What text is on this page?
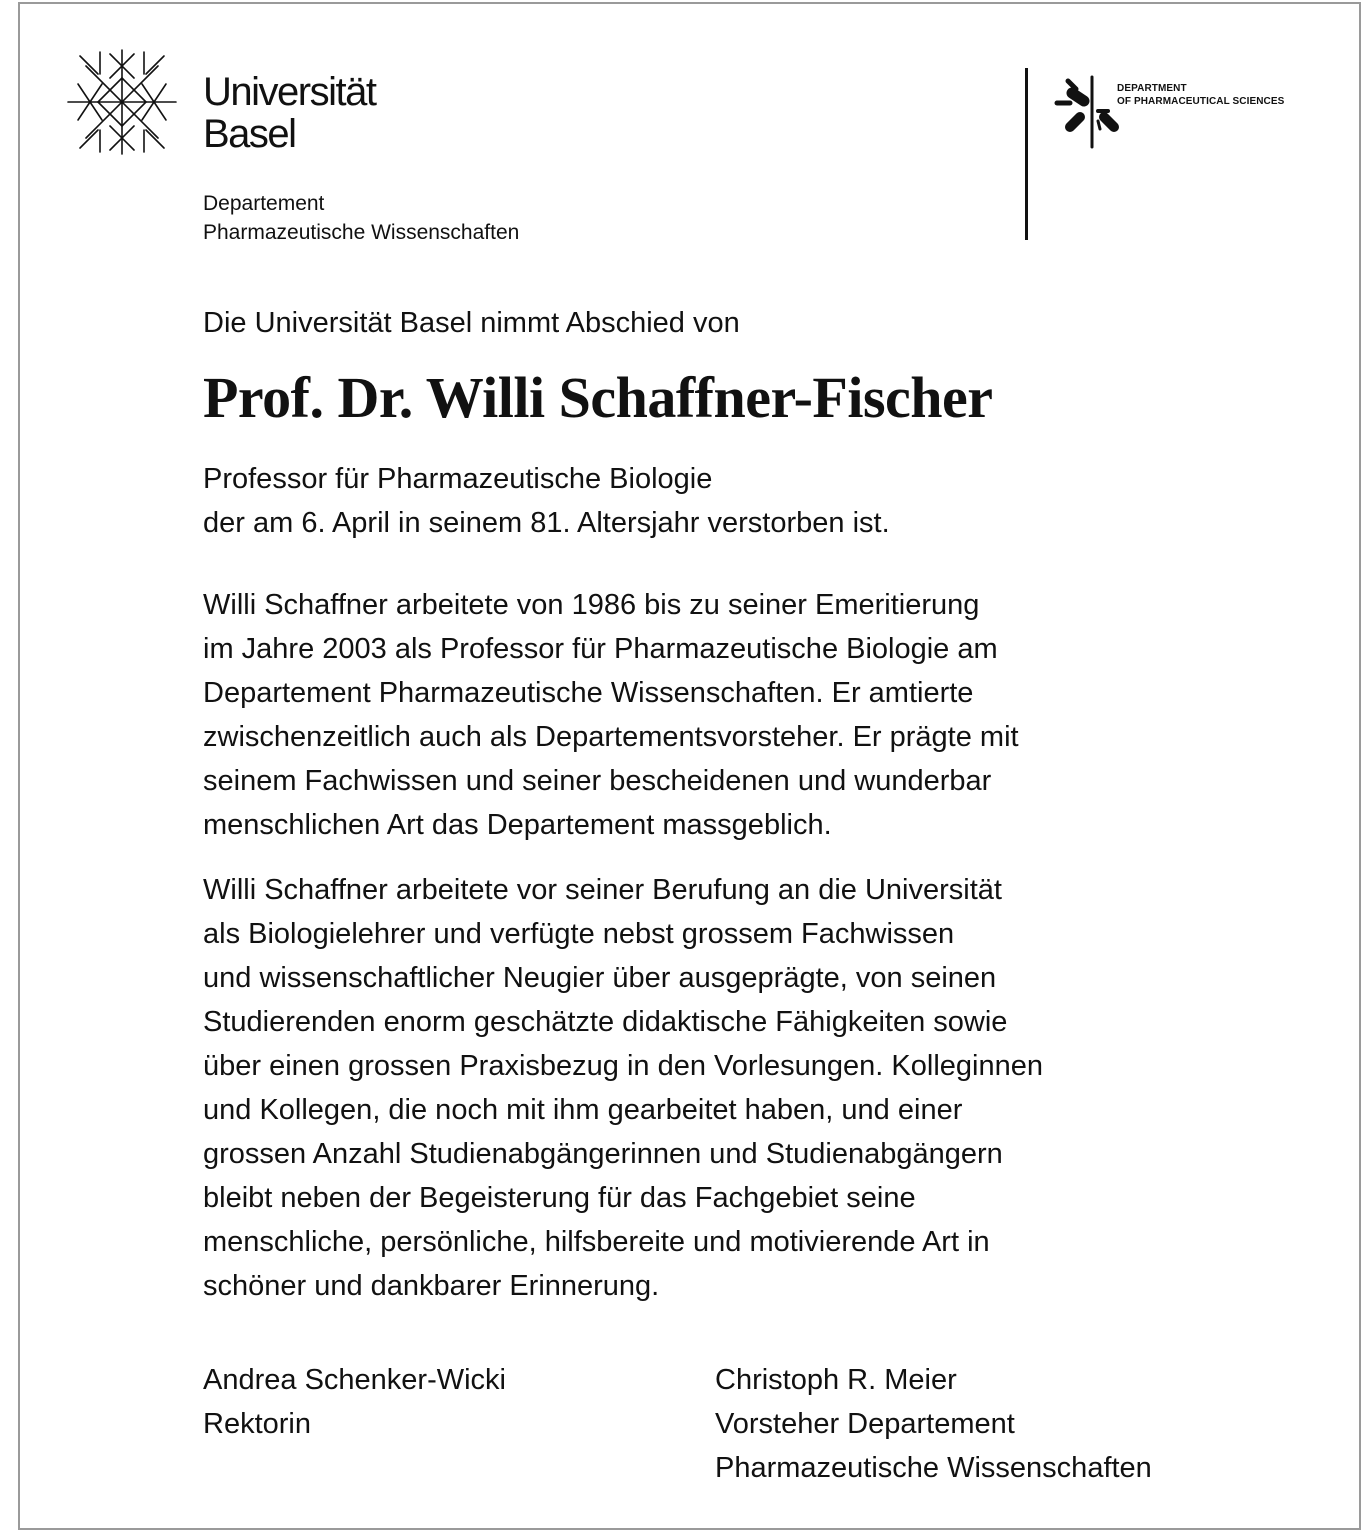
Universität
Basel
Departement
Pharmazeutische Wissenschaften
DEPARTMENT
OF PHARMACEUTICAL SCIENCES
Die Universität Basel nimmt Abschied von
Prof. Dr. Willi Schaffner-Fischer
Professor für Pharmazeutische Biologie
der am 6. April in seinem 81. Altersjahr verstorben ist.
Willi Schaffner arbeitete von 1986 bis zu seiner Emeritierung
im Jahre 2003 als Professor für Pharmazeutische Biologie am
Departement Pharmazeutische Wissenschaften. Er amtierte
zwischenzeitlich auch als Departementsvorsteher. Er prägte mit
seinem Fachwissen und seiner bescheidenen und wunderbar
menschlichen Art das Departement massgeblich.
Willi Schaffner arbeitete vor seiner Berufung an die Universität
als Biologielehrer und verfügte nebst grossem Fachwissen
und wissenschaftlicher Neugier über ausgeprägte, von seinen
Studierenden enorm geschätzte didaktische Fähigkeiten sowie
über einen grossen Praxisbezug in den Vorlesungen. Kolleginnen
und Kollegen, die noch mit ihm gearbeitet haben, und einer
grossen Anzahl Studienabgängerinnen und Studienabgängern
bleibt neben der Begeisterung für das Fachgebiet seine
menschliche, persönliche, hilfsbereite und motivierende Art in
schöner und dankbarer Erinnerung.
Andrea Schenker-Wicki
Rektorin
Christoph R. Meier
Vorsteher Departement
Pharmazeutische Wissenschaften
